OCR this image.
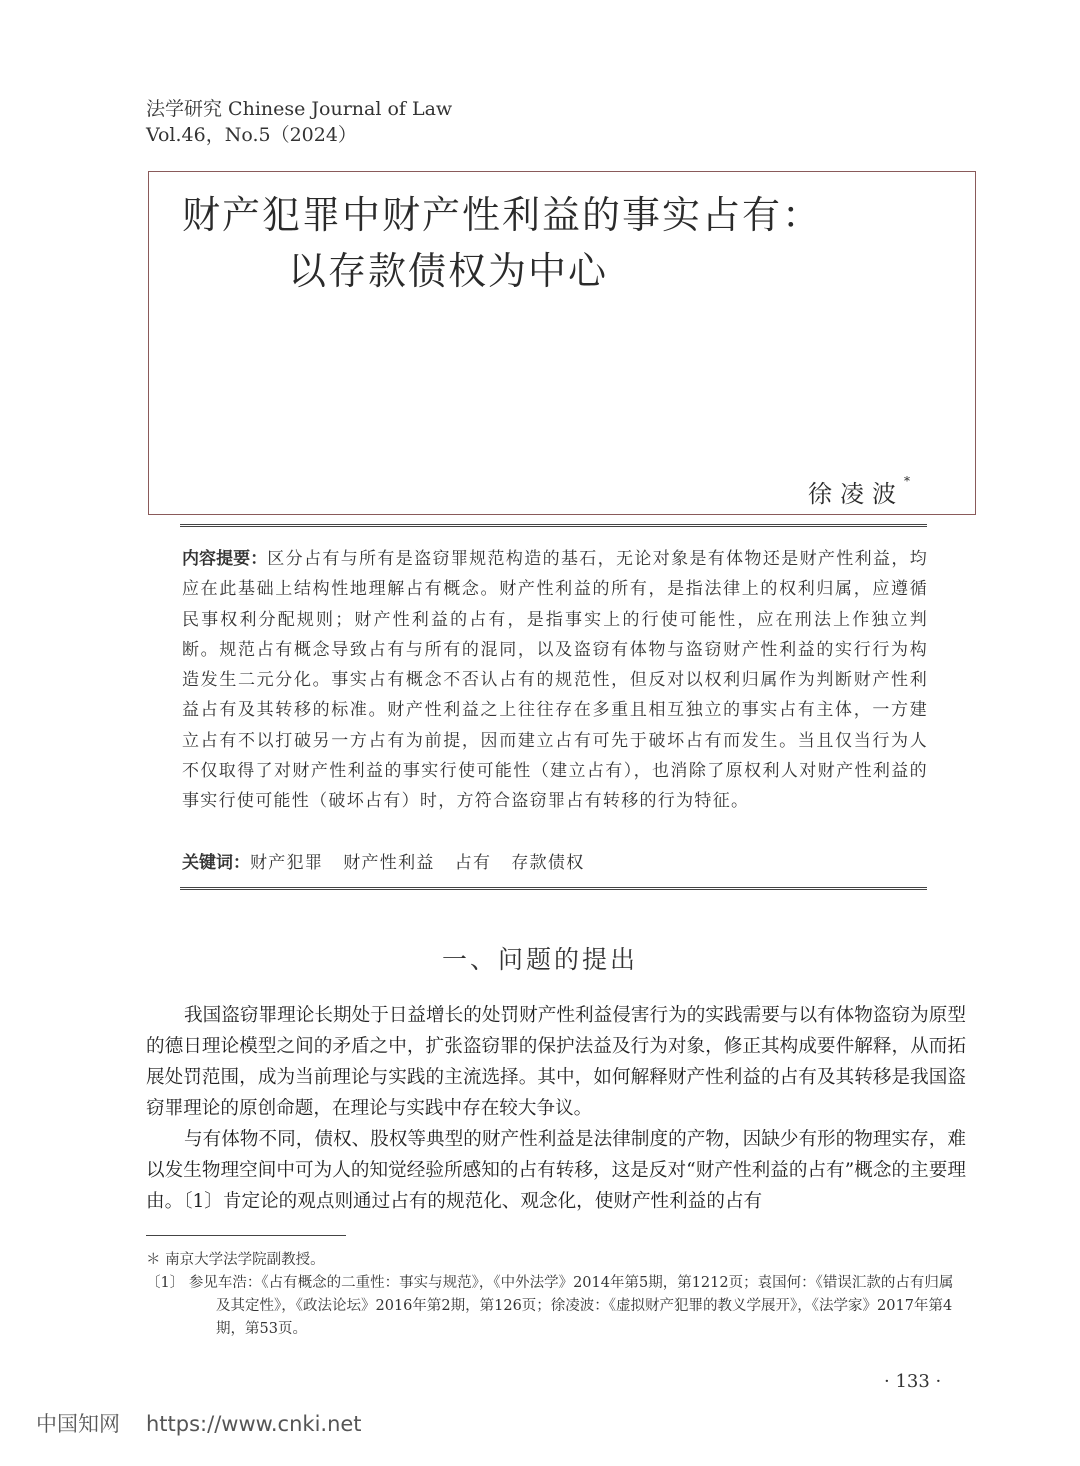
法学研究 Chinese Journal of Law
Vol.46，No.5（2024）
财产犯罪中财产性利益的事实占有：
以存款债权为中心
徐凌波*
内容提要：区分占有与所有是盗窃罪规范构造的基石，无论对象是有体物还是财产性利益，均应在此基础上结构性地理解占有概念。财产性利益的所有，是指法律上的权利归属，应遵循民事权利分配规则；财产性利益的占有，是指事实上的行使可能性，应在刑法上作独立判断。规范占有概念导致占有与所有的混同，以及盗窃有体物与盗窃财产性利益的实行行为构造发生二元分化。事实占有概念不否认占有的规范性，但反对以权利归属作为判断财产性利益占有及其转移的标准。财产性利益之上往往存在多重且相互独立的事实占有主体，一方建立占有不以打破另一方占有为前提，因而建立占有可先于破坏占有而发生。当且仅当行为人不仅取得了对财产性利益的事实行使可能性（建立占有），也消除了原权利人对财产性利益的事实行使可能性（破坏占有）时，方符合盗窃罪占有转移的行为特征。
关键词：财产犯罪 财产性利益 占有 存款债权
一、问题的提出

我国盗窃罪理论长期处于日益增长的处罚财产性利益侵害行为的实践需要与以有体物盗窃为原型的德日理论模型之间的矛盾之中，扩张盗窃罪的保护法益及行为对象，修正其构成要件解释，从而拓展处罚范围，成为当前理论与实践的主流选择。其中，如何解释财产性利益的占有及其转移是我国盗窃罪理论的原创命题，在理论与实践中存在较大争议。

与有体物不同，债权、股权等典型的财产性利益是法律制度的产物，因缺少有形的物理实存，难以发生物理空间中可为人的知觉经验所感知的占有转移，这是反对“财产性利益的占有”概念的主要理由。〔1〕肯定论的观点则通过占有的规范化、观念化，使财产性利益的占有

＊ 南京大学法学院副教授。

〔1〕 参见车浩：《占有概念的二重性：事实与规范》，《中外法学》2014年第5期，第1212页；袁国何：《错误汇款的占有归属及其定性》，《政法论坛》2016年第2期，第126页；徐凌波：《虚拟财产犯罪的教义学展开》，《法学家》2017年第4期，第53页。

· 133 ·
中国知网 https://www.cnki.net
